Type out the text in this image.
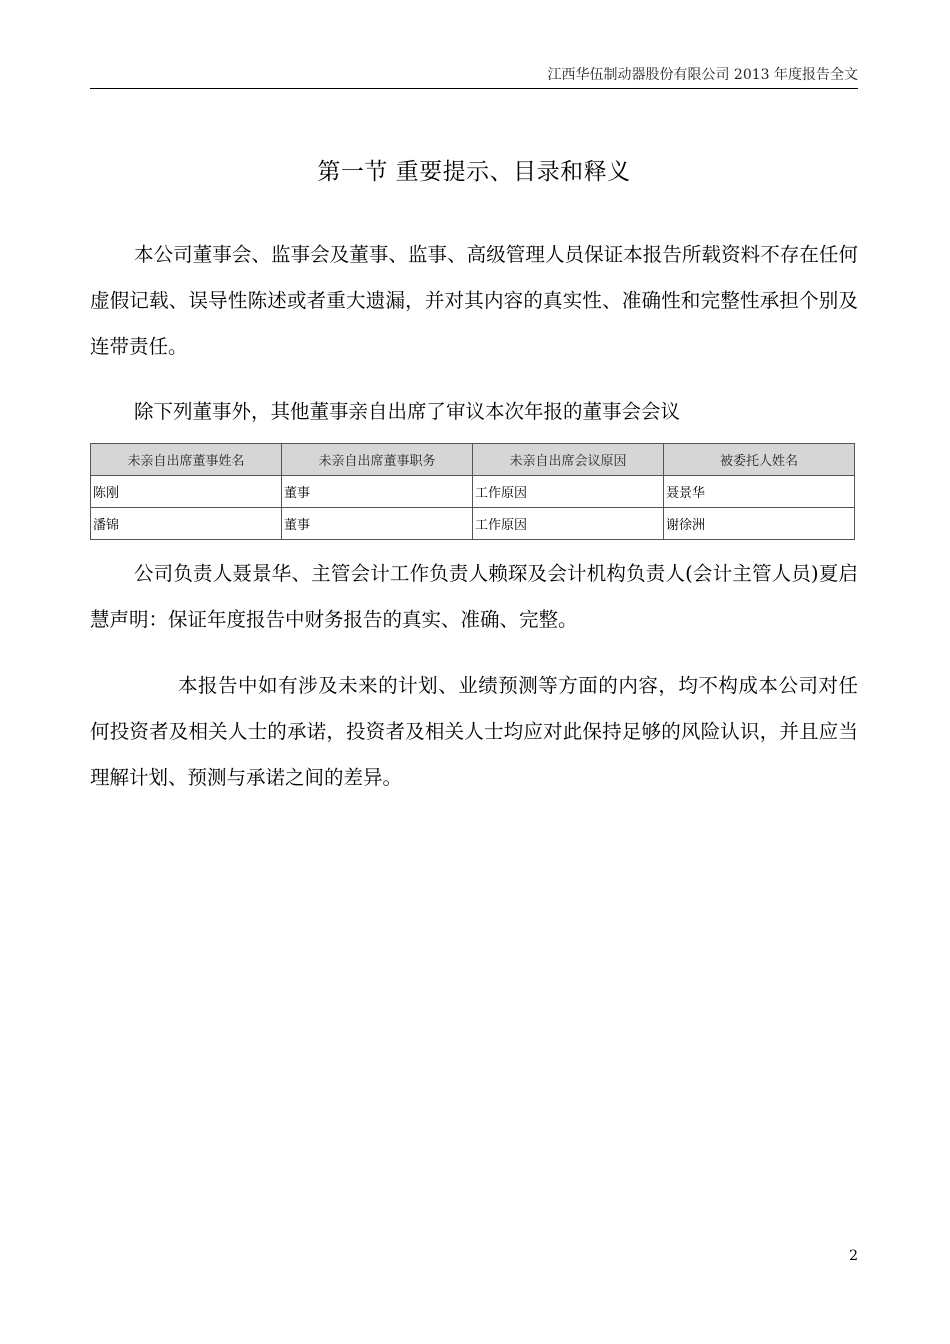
江西华伍制动器股份有限公司 2013 年度报告全文
第一节 重要提示、目录和释义

本公司董事会、监事会及董事、监事、高级管理人员保证本报告所载资料不存在任何虚假记载、误导性陈述或者重大遗漏，并对其内容的真实性、准确性和完整性承担个别及连带责任。

除下列董事外，其他董事亲自出席了审议本次年报的董事会会议

未亲自出席董事姓名	未亲自出席董事职务	未亲自出席会议原因	被委托人姓名
陈刚	董事	工作原因	聂景华
潘锦	董事	工作原因	谢徐洲

公司负责人聂景华、主管会计工作负责人赖琛及会计机构负责人(会计主管人员)夏启慧声明：保证年度报告中财务报告的真实、准确、完整。

本报告中如有涉及未来的计划、业绩预测等方面的内容，均不构成本公司对任何投资者及相关人士的承诺，投资者及相关人士均应对此保持足够的风险认识，并且应当理解计划、预测与承诺之间的差异。

2
